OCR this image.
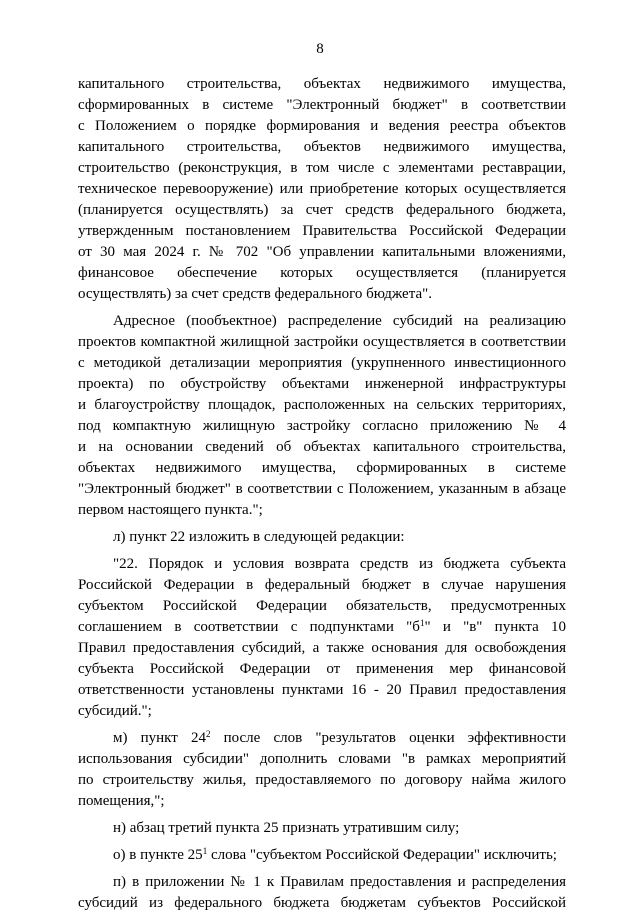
8
капитального строительства, объектах недвижимого имущества,
сформированных в системе "Электронный бюджет" в соответствии
с Положением о порядке формирования и ведения реестра объектов
капитального строительства, объектов недвижимого имущества,
строительство (реконструкция, в том числе с элементами реставрации,
техническое перевооружение) или приобретение которых осуществляется
(планируется осуществлять) за счет средств федерального бюджета,
утвержденным постановлением Правительства Российской Федерации
от 30 мая 2024 г. № 702 "Об управлении капитальными вложениями,
финансовое обеспечение которых осуществляется (планируется
осуществлять) за счет средств федерального бюджета".
Адресное (пообъектное) распределение субсидий на реализацию
проектов компактной жилищной застройки осуществляется в соответствии
с методикой детализации мероприятия (укрупненного инвестиционного
проекта) по обустройству объектами инженерной инфраструктуры
и благоустройству площадок, расположенных на сельских территориях,
под компактную жилищную застройку согласно приложению № 4
и на основании сведений об объектах капитального строительства,
объектах недвижимого имущества, сформированных в системе
"Электронный бюджет" в соответствии с Положением, указанным в абзаце
первом настоящего пункта.";
л) пункт 22 изложить в следующей редакции:
"22. Порядок и условия возврата средств из бюджета субъекта
Российской Федерации в федеральный бюджет в случае нарушения
субъектом Российской Федерации обязательств, предусмотренных
соглашением в соответствии с подпунктами "$б^1$" и "в" пункта 10
Правил предоставления субсидий, а также основания для освобождения
субъекта Российской Федерации от применения мер финансовой
ответственности установлены пунктами 16 - 20 Правил предоставления
субсидий.";
м) пункт $24^2$ после слов "результатов оценки эффективности
использования субсидии" дополнить словами "в рамках мероприятий
по строительству жилья, предоставляемого по договору найма жилого
помещения,";
н) абзац третий пункта 25 признать утратившим силу;
о) в пункте $25^1$ слова "субъектом Российской Федерации" исключить;
п) в приложении № 1 к Правилам предоставления и распределения
субсидий из федерального бюджета бюджетам субъектов Российской
